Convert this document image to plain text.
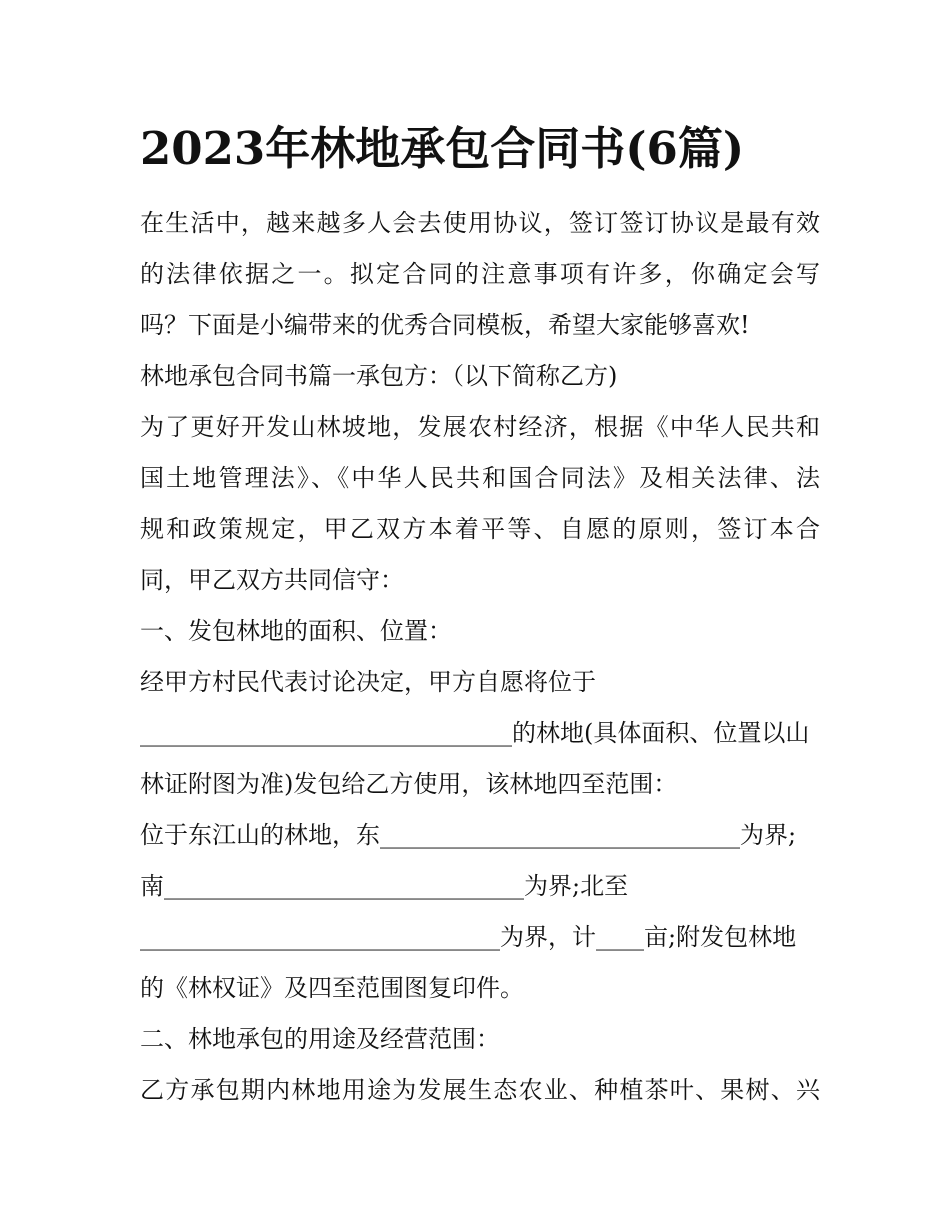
2023年林地承包合同书(6篇)
在生活中，越来越多人会去使用协议，签订签订协议是最有效
的法律依据之一。拟定合同的注意事项有许多，你确定会写
吗？下面是小编带来的优秀合同模板，希望大家能够喜欢!
林地承包合同书篇一承包方：（以下简称乙方)
为了更好开发山林坡地，发展农村经济，根据《中华人民共和
国土地管理法》、《中华人民共和国合同法》及相关法律、法
规和政策规定，甲乙双方本着平等、自愿的原则，签订本合
同，甲乙双方共同信守：
一、发包林地的面积、位置：
经甲方村民代表讨论决定，甲方自愿将位于
_______________________________的林地(具体面积、位置以山
林证附图为准)发包给乙方使用，该林地四至范围：
位于东江山的林地，东______________________________为界;
南______________________________为界;北至
______________________________为界，计____亩;附发包林地
的《林权证》及四至范围图复印件。
二、林地承包的用途及经营范围：
乙方承包期内林地用途为发展生态农业、种植茶叶、果树、兴
